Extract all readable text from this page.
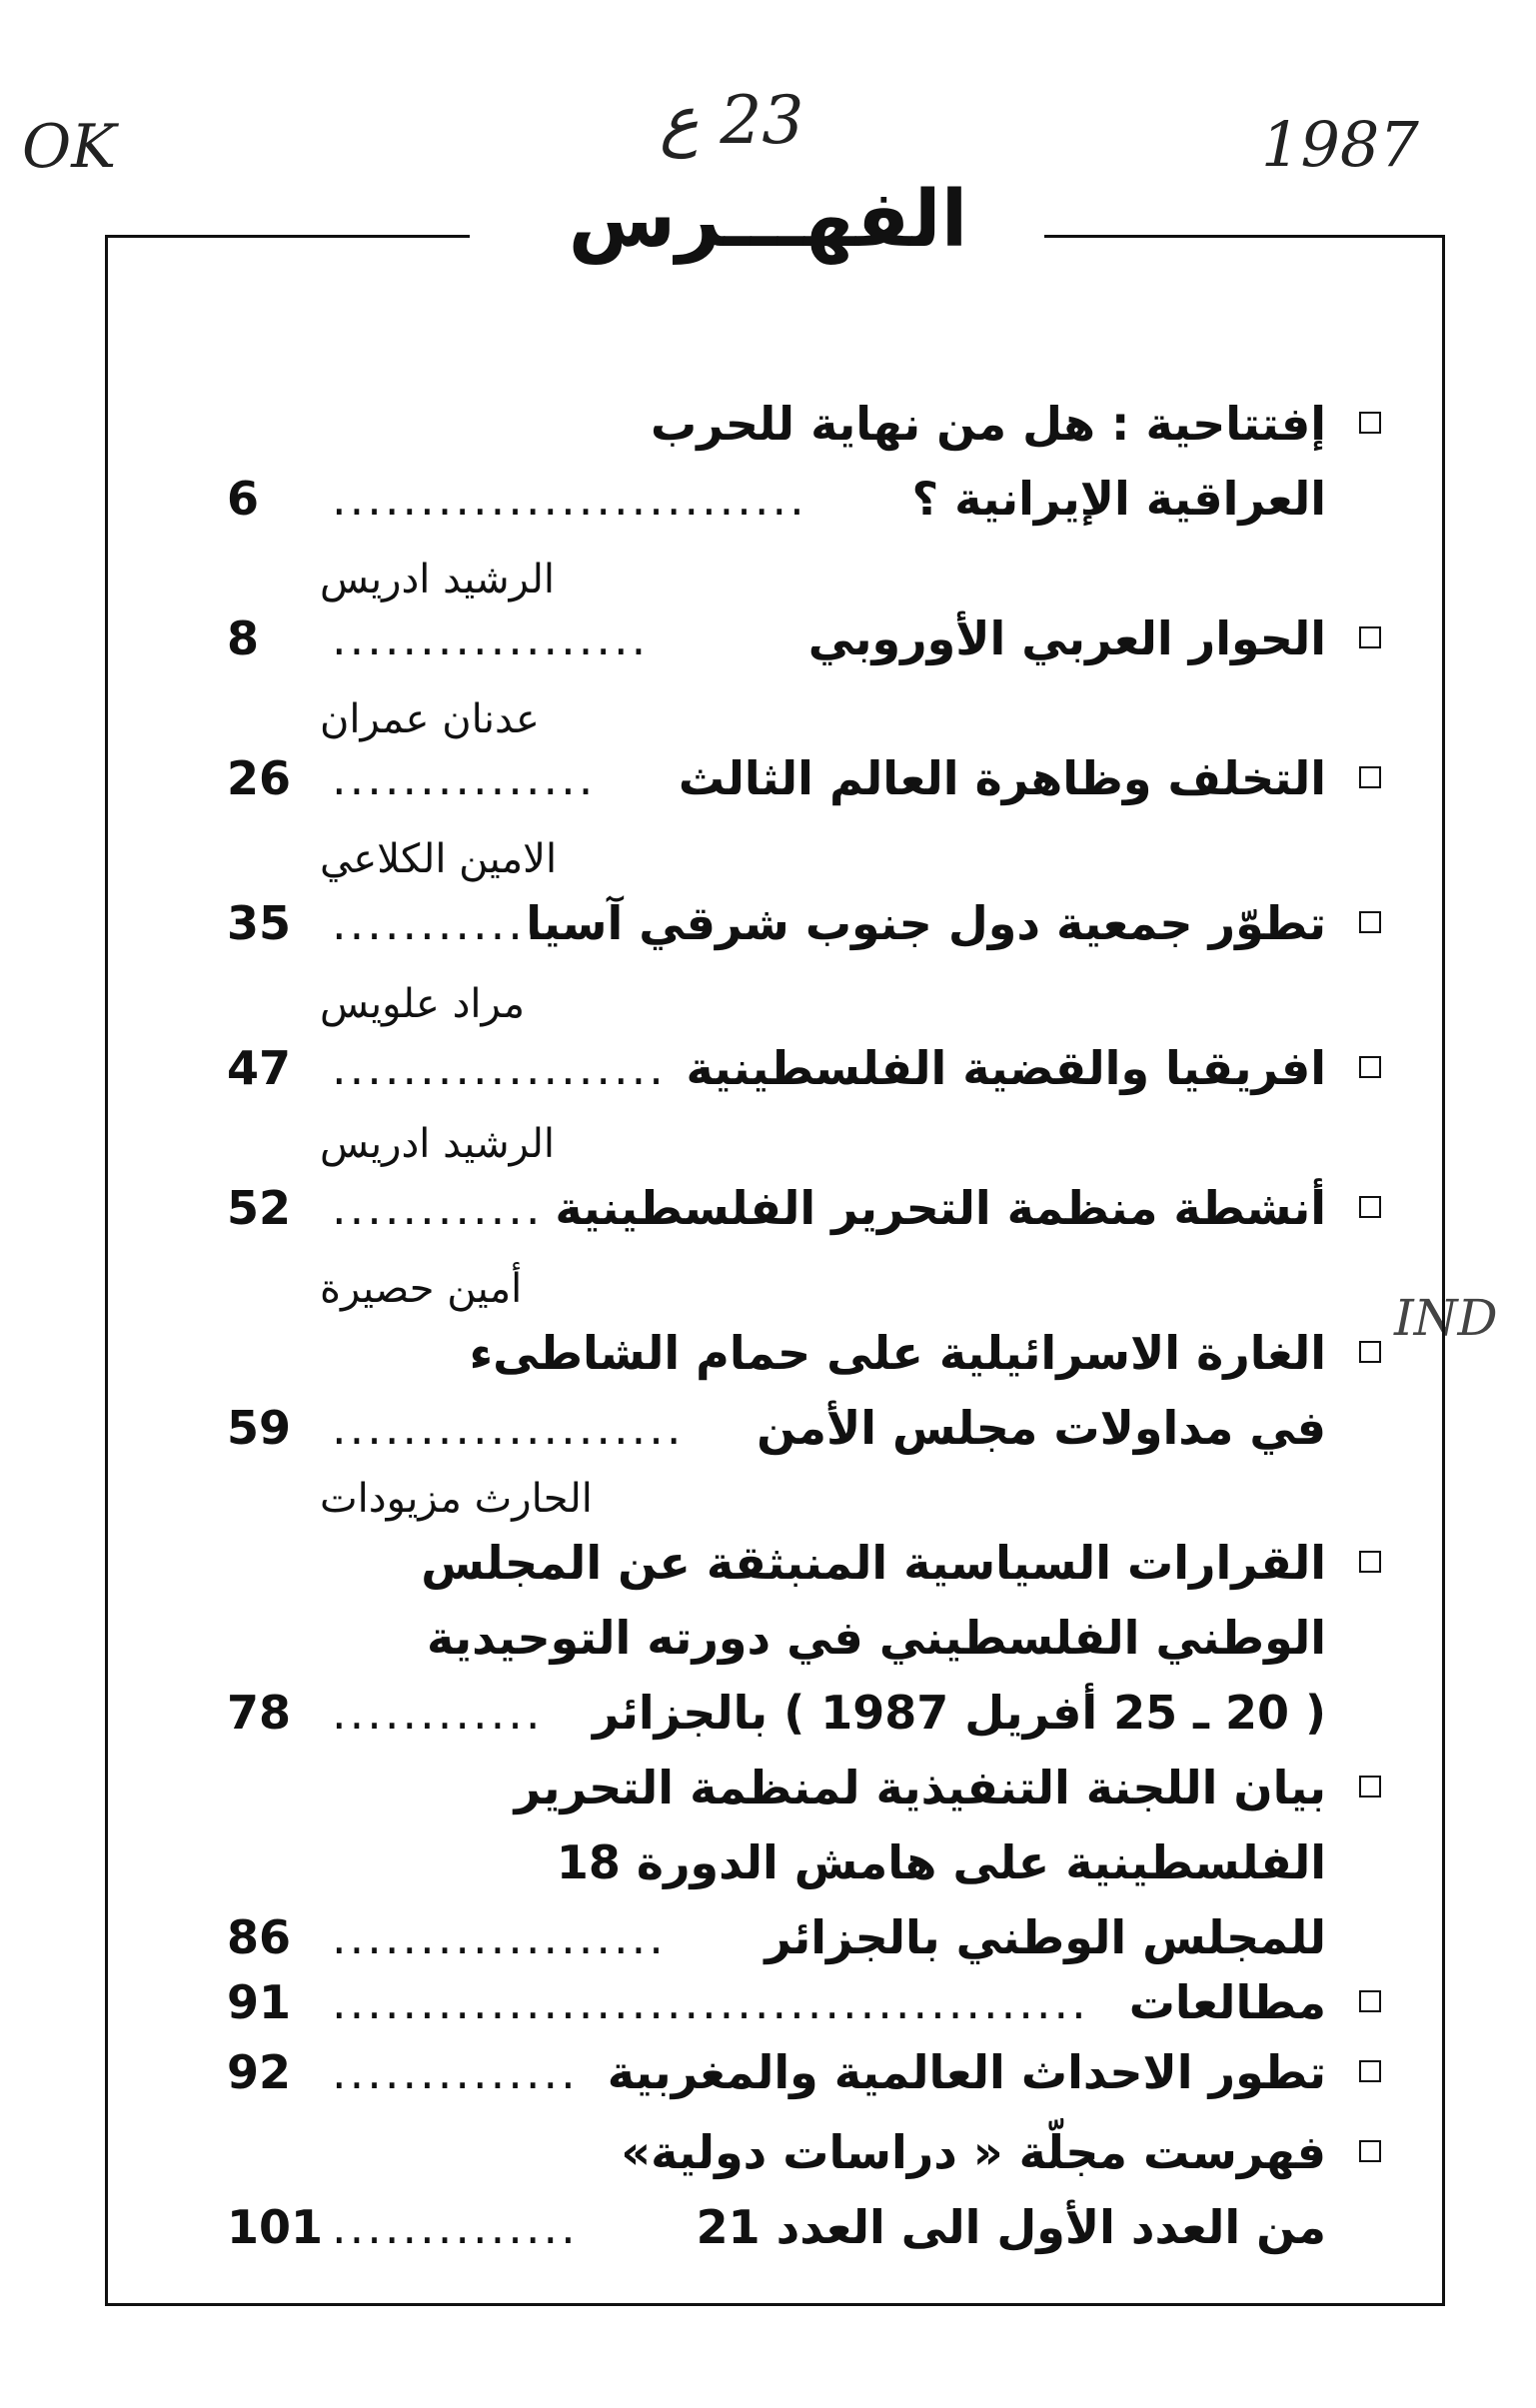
OK	23 ع	1987
IND
الفهـــرس
إفتتاحية : هل من نهاية للحرب
العراقية الإيرانية ؟
6	...........................
الرشيد ادريس
الحوار العربي الأوروبي
8	..................
عدنان عمران
التخلف وظاهرة العالم الثالث
26 ...............
الامين الكلاعي
تطوّر جمعية دول جنوب شرقي آسيا
35 ............
مراد علويس
افريقيا والقضية الفلسطينية
47 ...................
الرشيد ادريس
أنشطة منظمة التحرير الفلسطينية
52 ............
أمين حصيرة
الغارة الاسرائيلية على حمام الشاطىء
في مداولات مجلس الأمن
59 ....................
الحارث مزيودات
القرارات السياسية المنبثقة عن المجلس
الوطني الفلسطيني في دورته التوحيدية
( 20 ـ 25 أفريل 1987 ) بالجزائر
78 ............
بيان اللجنة التنفيذية لمنظمة التحرير
الفلسطينية على هامش الدورة 18
للمجلس الوطني بالجزائر
86 ...................
مطالعات
91 ...........................................
تطور الاحداث العالمية والمغربية
92 ..............
فهرست مجلّة « دراسات دولية»
من العدد الأول الى العدد 21
101 ..............
